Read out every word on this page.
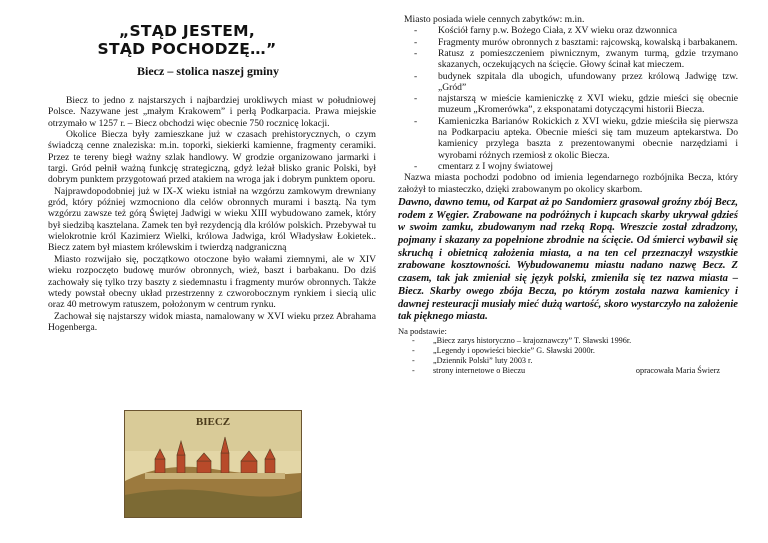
„STĄD JESTEM,
STĄD POCHODZĘ…”
Biecz – stolica naszej gminy

Biecz to jedno z najstarszych i najbardziej urokliwych miast w południowej Polsce. Nazywane jest „małym Krakowem” i perłą Podkarpacia. Prawa miejskie otrzymało w 1257 r. – Biecz obchodzi więc obecnie 750 rocznicę lokacji.

Okolice Biecza były zamieszkane już w czasach prehistorycznych, o czym świadczą cenne znaleziska: m.in. toporki, siekierki kamienne, fragmenty ceramiki. Przez te tereny biegł ważny szlak handlowy. W grodzie organizowano jarmarki i targi. Gród pełnił ważną funkcję strategiczną, gdyż leżał blisko granic Polski, był dobrym punktem przygotowań przed atakiem na wroga jak i dobrym punktem oporu.

Najprawdopodobniej już w IX-X wieku istniał na wzgórzu zamkowym drewniany gród, który później wzmocniono dla celów obronnych murami i basztą. Na tym wzgórzu zawsze też górą Świętej Jadwigi w wieku XIII wybudowano zamek, który był siedzibą kasztelana. Zamek ten był rezydencją dla królów polskich. Przebywał tu wielokrotnie król Kazimierz Wielki, królowa Jadwiga, król Władysław Łokietek.. Biecz zatem był miastem królewskim i twierdzą nadgraniczną

Miasto rozwijało się, początkowo otoczone było wałami ziemnymi, ale w XIV wieku rozpoczęto budowę murów obronnych, wież, baszt i barbakanu. Do dziś zachowały się tylko trzy baszty z siedemnastu i fragmenty murów obronnych. Także wtedy powstał obecny układ przestrzenny z czworobocznym rynkiem i siecią ulic oraz 40 metrowym ratuszem, położonym w centrum rynku.

Zachował się najstarszy widok miasta, namalowany w XVI wieku przez Abrahama Hogenberga.

BIECZ

Miasto posiada wiele cennych zabytków: m.in.

- Kościół farny p.w. Bożego Ciała, z XV wieku oraz dzwonnica
- Fragmenty murów obronnych z basztami: rajcowską, kowalską i barbakanem.
- Ratusz z pomieszczeniem piwnicznym, zwanym turmą, gdzie trzymano skazanych, oczekujących na ścięcie. Głowy ścinał kat mieczem.
- budynek szpitala dla ubogich, ufundowany przez królową Jadwigę tzw. „Gród”
- najstarszą w mieście kamieniczkę z XVI wieku, gdzie mieści się obecnie muzeum „Kromerówka”, z eksponatami dotyczącymi historii Biecza.
- Kamieniczka Barianów Rokickich z XVI wieku, gdzie mieściła się pierwsza na Podkarpaciu apteka. Obecnie mieści się tam muzeum aptekarstwa. Do kamienicy przylega baszta z prezentowanymi obecnie narzędziami i wyrobami różnych rzemiosł z okolic Biecza.
- cmentarz z I wojny światowej

Nazwa miasta pochodzi podobno od imienia legendarnego rozbójnika Becza, który założył to miasteczko, dzięki zrabowanym po okolicy skarbom.

Dawno, dawno temu, od Karpat aż po Sandomierz grasował groźny zbój Becz, rodem z Węgier. Zrabowane na podróżnych i kupcach skarby ukrywał gdzieś w swoim zamku, zbudowanym nad rzeką Ropą. Wreszcie został zdradzony, pojmany i skazany za popełnione zbrodnie na ścięcie. Od śmierci wybawił się skruchą i obietnicą założenia miasta, a na ten cel przeznaczył wszystkie zrabowane kosztowności. Wybudowanemu miastu nadano nazwę Becz. Z czasem, tak jak zmieniał się język polski, zmieniła się tez nazwa miasta – Biecz. Skarby owego zbója Becza, po którym została nazwa kamienicy i dawnej resteuracji musiały mieć dużą wartość, skoro wystarczyło na założenie tak pięknego miasta.

Na podstawie:
- „Biecz zarys historyczno – krajoznawczy” T. Sławski 1996r.
- „Legendy i opowieści bieckie” G. Sławski 2000r.
- „Dziennik Polski” luty 2003 r.
- strony internetowe o Bieczu	opracowała Maria Świerz
